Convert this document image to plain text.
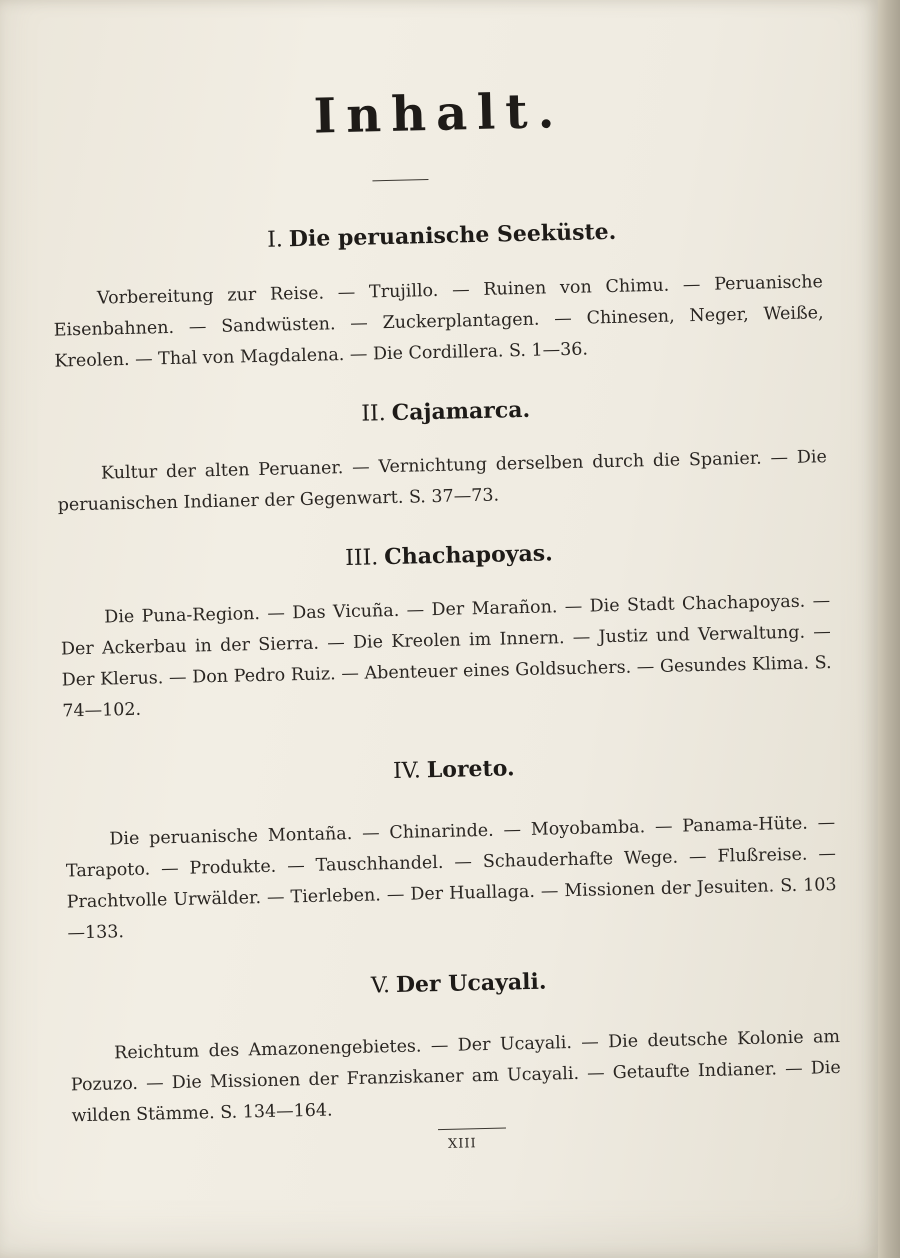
Inhalt.
I. Die peruanische Seeküste.
Vorbereitung zur Reise. — Trujillo. — Ruinen von Chimu. — Peruanische Eisenbahnen. — Sandwüsten. — Zuckerplantagen. — Chinesen, Neger, Weiße, Kreolen. — Thal von Magdalena. — Die Cordillera. S. 1—36.
II. Cajamarca.
Kultur der alten Peruaner. — Vernichtung derselben durch die Spanier. — Die peruanischen Indianer der Gegenwart. S. 37—73.
III. Chachapoyas.
Die Puna-Region. — Das Vicuña. — Der Marañon. — Die Stadt Chachapoyas. — Der Ackerbau in der Sierra. — Die Kreolen im Innern. — Justiz und Verwaltung. — Der Klerus. — Don Pedro Ruiz. — Abenteuer eines Goldsuchers. — Gesundes Klima. S. 74—102.
IV. Loreto.
Die peruanische Montaña. — Chinarinde. — Moyobamba. — Panama-Hüte. — Tarapoto. — Produkte. — Tauschhandel. — Schauderhafte Wege. — Flußreise. — Prachtvolle Urwälder. — Tierleben. — Der Huallaga. — Missionen der Jesuiten. S. 103—133.
V. Der Ucayali.
Reichtum des Amazonengebietes. — Der Ucayali. — Die deutsche Kolonie am Pozuzo. — Die Missionen der Franziskaner am Ucayali. — Getaufte Indianer. — Die wilden Stämme. S. 134—164.
XIII
